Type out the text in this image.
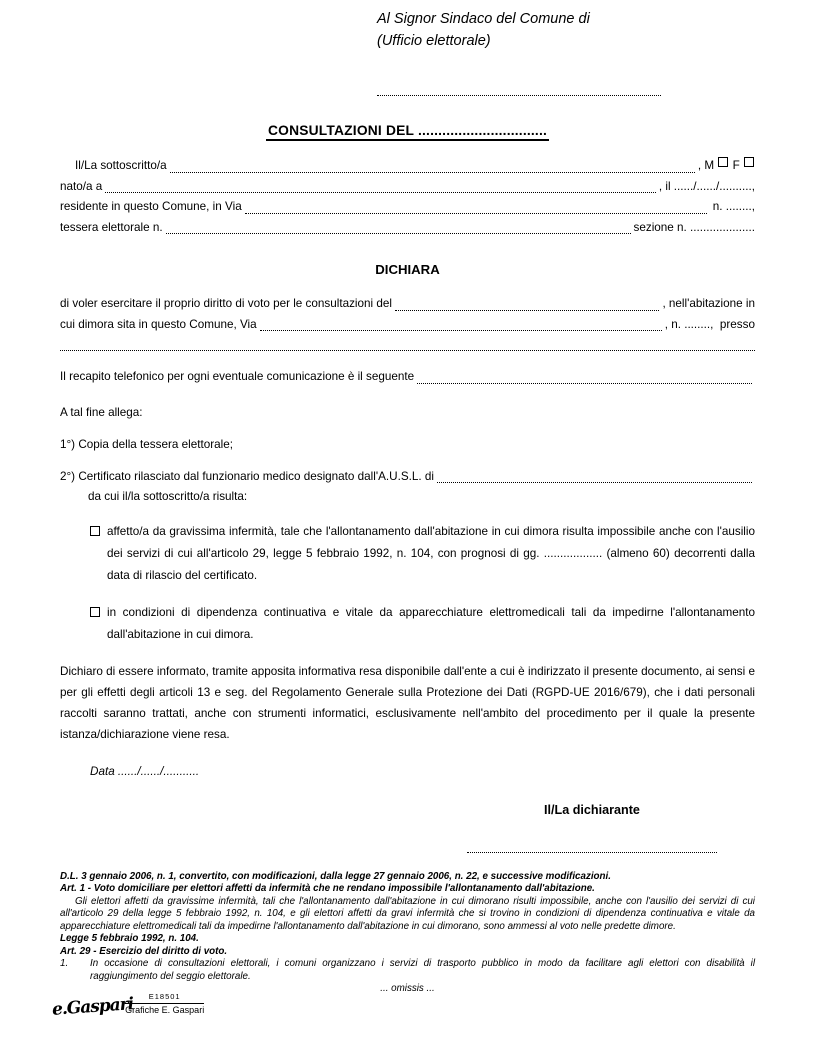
Al Signor Sindaco del Comune di
(Ufficio elettorale)
CONSULTAZIONI DEL ................................
Il/La sottoscritto/a	, M F
nato/a a	, il ....../....../..........,
residente in questo Comune, in Via	n. ........,
tessera elettorale n.	sezione n. ....................
DICHIARA
di voler esercitare il proprio diritto di voto per le consultazioni del	, nell'abitazione in
cui dimora sita in questo Comune, Via	, n. ........,  presso
Il recapito telefonico per ogni eventuale comunicazione è il seguente
A tal fine allega:
1°) Copia della tessera elettorale;
2°) Certificato rilasciato dal funzionario medico designato dall'A.U.S.L. di
da cui il/la sottoscritto/a risulta:
affetto/a da gravissima infermità, tale che l'allontanamento dall'abitazione in cui dimora risulta impossibile anche con l'ausilio dei servizi di cui all'articolo 29, legge 5 febbraio 1992, n. 104, con prognosi di gg. .................. (almeno 60) decorrenti dalla data di rilascio del certificato.
in condizioni di dipendenza continuativa e vitale da apparecchiature elettromedicali tali da impedirne l'allontanamento dall'abitazione in cui dimora.
Dichiaro di essere informato, tramite apposita informativa resa disponibile dall'ente a cui è indirizzato il presente documento, ai sensi e per gli effetti degli articoli 13 e seg. del Regolamento Generale sulla Protezione dei Dati (RGPD-UE 2016/679), che i dati personali raccolti saranno trattati, anche con strumenti informatici, esclusivamente nell'ambito del procedimento per il quale la presente istanza/dichiarazione viene resa.
Data ....../....../...........
Il/La dichiarante
D.L. 3 gennaio 2006, n. 1, convertito, con modificazioni, dalla legge 27 gennaio 2006, n. 22, e successive modificazioni.
Art. 1 - Voto domiciliare per elettori affetti da infermità che ne rendano impossibile l'allontanamento dall'abitazione.
Gli elettori affetti da gravissime infermità, tali che l'allontanamento dall'abitazione in cui dimorano risulti impossibile, anche con l'ausilio dei servizi di cui all'articolo 29 della legge 5 febbraio 1992, n. 104, e gli elettori affetti da gravi infermità che si trovino in condizioni di dipendenza continuativa e vitale da apparecchiature elettromedicali tali da impedirne l'allontanamento dall'abitazione in cui dimorano, sono ammessi al voto nelle predette dimore.
Legge 5 febbraio 1992, n. 104.
Art. 29 - Esercizio del diritto di voto.
1.	In occasione di consultazioni elettorali, i comuni organizzano i servizi di trasporto pubblico in modo da facilitare agli elettori con disabilità il raggiungimento del seggio elettorale.
... omissis ...
e.Gaspari	E18501
Grafiche E. Gaspari
